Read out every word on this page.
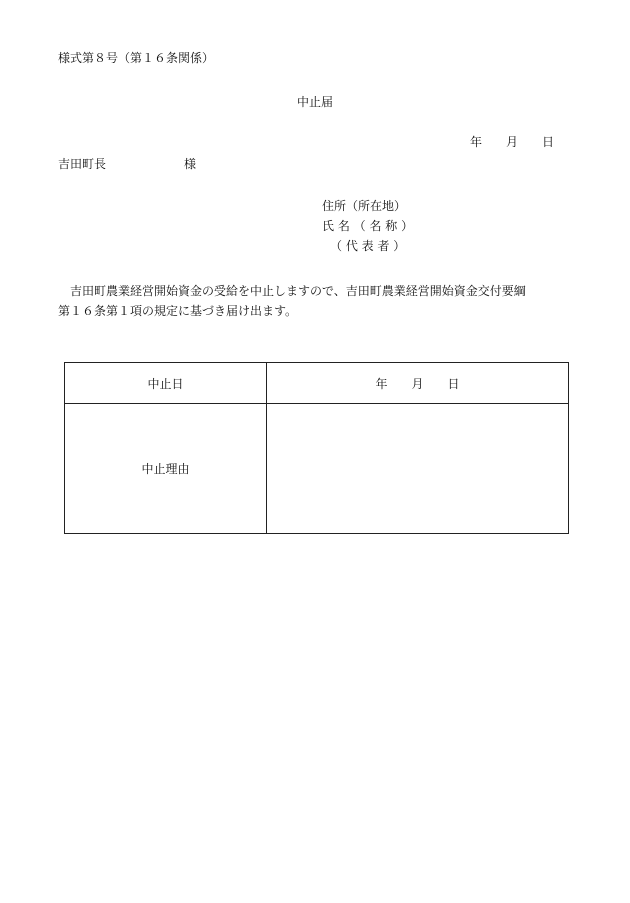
様式第８号（第１６条関係）
中止届
年 月 日
吉田町長	様
住所（所在地）
氏 名 （ 名 称 ）
（ 代 表 者 ）

　吉田町農業経営開始資金の受給を中止しますので、吉田町農業経営開始資金交付要綱

第１６条第１項の規定に基づき届け出ます。

中止日	年 月 日
中止理由	
